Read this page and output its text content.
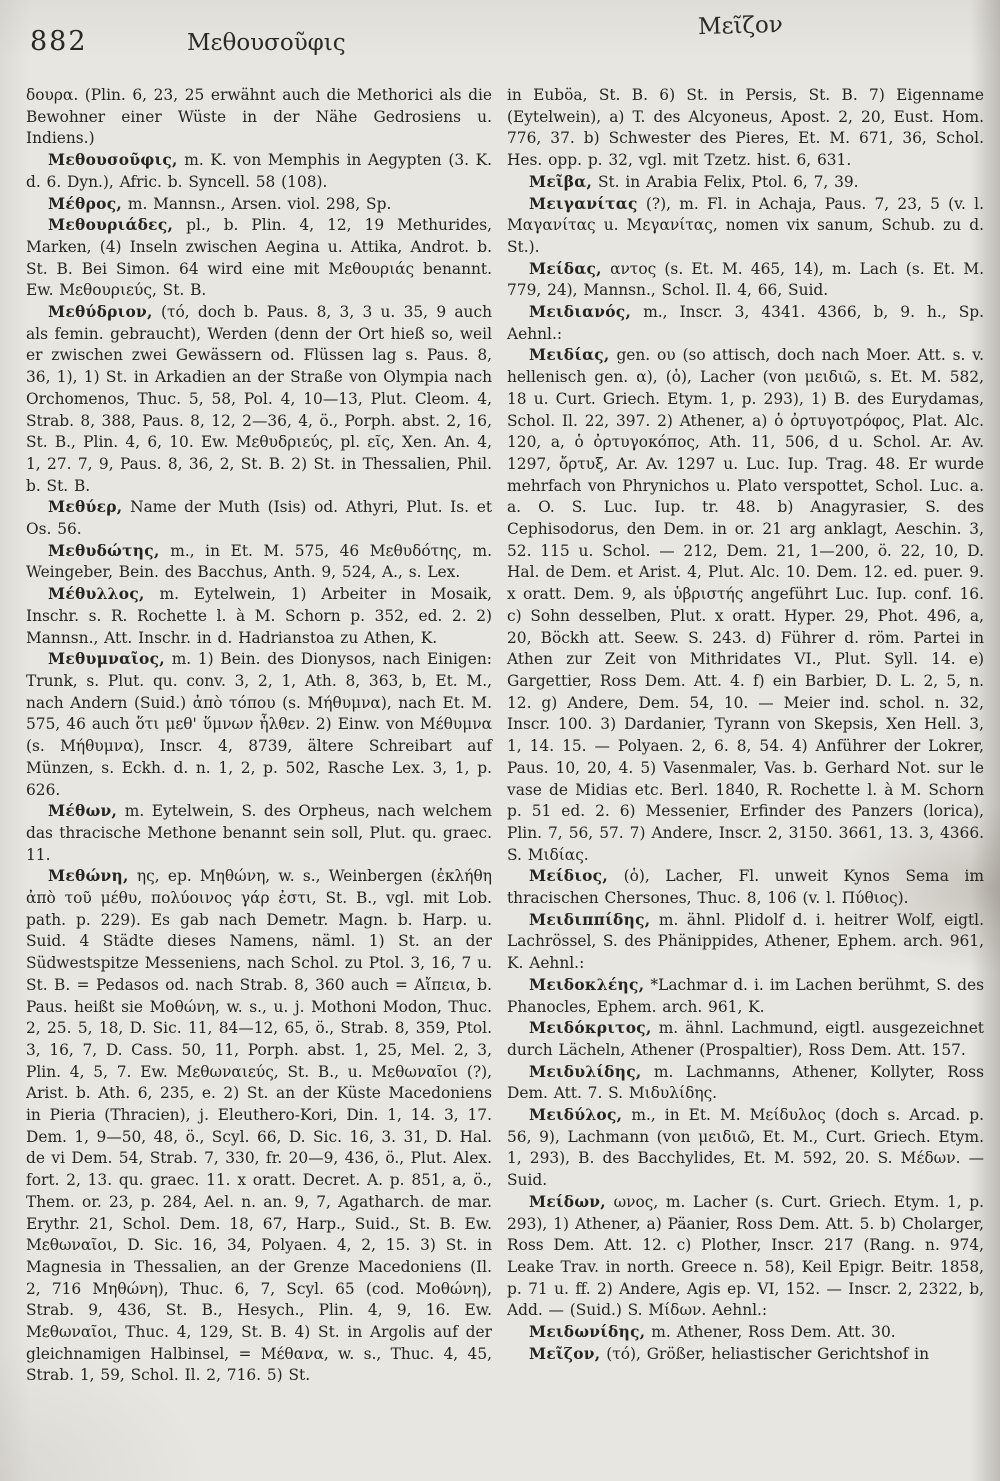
882	Μεθουσοῦφις
Μεῖζον

δουρα. (Plin. 6, 23, 25 erwähnt auch die Methorici als die Bewohner einer Wüste in der Nähe Gedrosiens u. Indiens.)

Μεθουσοῦφις, m. K. von Memphis in Aegypten (3. K. d. 6. Dyn.), Afric. b. Syncell. 58 (108).

Μέθρος, m. Mannsn., Arsen. viol. 298, Sp.

Μεθουριάδες, pl., b. Plin. 4, 12, 19 Methurides, Marken, (4) Inseln zwischen Aegina u. Attika, Androt. b. St. B. Bei Simon. 64 wird eine mit Μεθουριάς benannt. Ew. Μεθουριεύς, St. B.

Μεθύδριον, (τό, doch b. Paus. 8, 3, 3 u. 35, 9 auch als femin. gebraucht), Werden (denn der Ort hieß so, weil er zwischen zwei Gewässern od. Flüssen lag s. Paus. 8, 36, 1), 1) St. in Arkadien an der Straße von Olympia nach Orchomenos, Thuc. 5, 58, Pol. 4, 10—13, Plut. Cleom. 4, Strab. 8, 388, Paus. 8, 12, 2—36, 4, ö., Porph. abst. 2, 16, St. B., Plin. 4, 6, 10. Ew. Μεθυδριεύς, pl. εῖς, Xen. An. 4, 1, 27. 7, 9, Paus. 8, 36, 2, St. B. 2) St. in Thessalien, Phil. b. St. B.

Μεθύερ, Name der Muth (Isis) od. Athyri, Plut. Is. et Os. 56.

Μεθυδώτης, m., in Et. M. 575, 46 Μεθυδότης, m. Weingeber, Bein. des Bacchus, Anth. 9, 524, A., s. Lex.

Μέθυλλος, m. Eytelwein, 1) Arbeiter in Mosaik, Inschr. s. R. Rochette l. à M. Schorn p. 352, ed. 2. 2) Mannsn., Att. Inschr. in d. Hadrianstoa zu Athen, K.

Μεθυμναῖος, m. 1) Bein. des Dionysos, nach Einigen: Trunk, s. Plut. qu. conv. 3, 2, 1, Ath. 8, 363, b, Et. M., nach Andern (Suid.) ἀπὸ τόπου (s. Μήθυμνα), nach Et. M. 575, 46 auch ὅτι μεθ' ὕμνων ἦλθεν. 2) Einw. von Μέθυμνα (s. Μήθυμνα), Inscr. 4, 8739, ältere Schreibart auf Münzen, s. Eckh. d. n. 1, 2, p. 502, Rasche Lex. 3, 1, p. 626.

Μέθων, m. Eytelwein, S. des Orpheus, nach welchem das thracische Methone benannt sein soll, Plut. qu. graec. 11.

Μεθώνη, ης, ep. Μηθώνη, w. s., Weinbergen (ἐκλήθη ἀπὸ τοῦ μέθυ, πολύοινος γάρ ἐστι, St. B., vgl. mit Lob. path. p. 229). Es gab nach Demetr. Magn. b. Harp. u. Suid. 4 Städte dieses Namens, näml. 1) St. an der Südwestspitze Messeniens, nach Schol. zu Ptol. 3, 16, 7 u. St. B. = Pedasos od. nach Strab. 8, 360 auch = Αἴπεια, b. Paus. heißt sie Μοθώνη, w. s., u. j. Mothoni Modon, Thuc. 2, 25. 5, 18, D. Sic. 11, 84—12, 65, ö., Strab. 8, 359, Ptol. 3, 16, 7, D. Cass. 50, 11, Porph. abst. 1, 25, Mel. 2, 3, Plin. 4, 5, 7. Ew. Μεθωναιεύς, St. B., u. Μεθωναῖοι (?), Arist. b. Ath. 6, 235, e. 2) St. an der Küste Macedoniens in Pieria (Thracien), j. Eleuthero-Kori, Din. 1, 14. 3, 17. Dem. 1, 9—50, 48, ö., Scyl. 66, D. Sic. 16, 3. 31, D. Hal. de vi Dem. 54, Strab. 7, 330, fr. 20—9, 436, ö., Plut. Alex. fort. 2, 13. qu. graec. 11. x oratt. Decret. A. p. 851, a, ö., Them. or. 23, p. 284, Ael. n. an. 9, 7, Agatharch. de mar. Erythr. 21, Schol. Dem. 18, 67, Harp., Suid., St. B. Ew. Μεθωναῖοι, D. Sic. 16, 34, Polyaen. 4, 2, 15. 3) St. in Magnesia in Thessalien, an der Grenze Macedoniens (Il. 2, 716 Μηθώνη), Thuc. 6, 7, Scyl. 65 (cod. Μοθώνη), Strab. 9, 436, St. B., Hesych., Plin. 4, 9, 16. Ew. Μεθωναῖοι, Thuc. 4, 129, St. B. 4) St. in Argolis auf der gleichnamigen Halbinsel, = Μέθανα, w. s., Thuc. 4, 45, Strab. 1, 59, Schol. Il. 2, 716. 5) St.

in Euböa, St. B. 6) St. in Persis, St. B. 7) Eigenname (Eytelwein), a) T. des Alcyoneus, Apost. 2, 20, Eust. Hom. 776, 37. b) Schwester des Pieres, Et. M. 671, 36, Schol. Hes. opp. p. 32, vgl. mit Tzetz. hist. 6, 631.

Μεῖβα, St. in Arabia Felix, Ptol. 6, 7, 39.

Μειγανίτας (?), m. Fl. in Achaja, Paus. 7, 23, 5 (v. l. Μαγανίτας u. Μεγανίτας, nomen vix sanum, Schub. zu d. St.).

Μείδας, αντος (s. Et. M. 465, 14), m. Lach (s. Et. M. 779, 24), Mannsn., Schol. Il. 4, 66, Suid.

Μειδιανός, m., Inscr. 3, 4341. 4366, b, 9. h., Sp. Aehnl.:

Μειδίας, gen. ου (so attisch, doch nach Moer. Att. s. v. hellenisch gen. α), (ὁ), Lacher (von μειδιῶ, s. Et. M. 582, 18 u. Curt. Griech. Etym. 1, p. 293), 1) B. des Eurydamas, Schol. Il. 22, 397. 2) Athener, a) ὁ ὀρτυγοτρόφος, Plat. Alc. 120, a, ὁ ὀρτυγοκόπος, Ath. 11, 506, d u. Schol. Ar. Av. 1297, ὄρτυξ, Ar. Av. 1297 u. Luc. Iup. Trag. 48. Er wurde mehrfach von Phrynichos u. Plato verspottet, Schol. Luc. a. a. O. S. Luc. Iup. tr. 48. b) Anagyrasier, S. des Cephisodorus, den Dem. in or. 21 arg anklagt, Aeschin. 3, 52. 115 u. Schol. — 212, Dem. 21, 1—200, ö. 22, 10, D. Hal. de Dem. et Arist. 4, Plut. Alc. 10. Dem. 12. ed. puer. 9. x oratt. Dem. 9, als ὑβριστής angeführt Luc. Iup. conf. 16. c) Sohn desselben, Plut. x oratt. Hyper. 29, Phot. 496, a, 20, Böckh att. Seew. S. 243. d) Führer d. röm. Partei in Athen zur Zeit von Mithridates VI., Plut. Syll. 14. e) Gargettier, Ross Dem. Att. 4. f) ein Barbier, D. L. 2, 5, n. 12. g) Andere, Dem. 54, 10. — Meier ind. schol. n. 32, Inscr. 100. 3) Dardanier, Tyrann von Skepsis, Xen Hell. 3, 1, 14. 15. — Polyaen. 2, 6. 8, 54. 4) Anführer der Lokrer, Paus. 10, 20, 4. 5) Vasenmaler, Vas. b. Gerhard Not. sur le vase de Midias etc. Berl. 1840, R. Rochette l. à M. Schorn p. 51 ed. 2. 6) Messenier, Erfinder des Panzers (lorica), Plin. 7, 56, 57. 7) Andere, Inscr. 2, 3150. 3661, 13. 3, 4366. S. Μιδίας.

Μείδιος, (ὁ), Lacher, Fl. unweit Kynos Sema im thracischen Chersones, Thuc. 8, 106 (v. l. Πύθιος).

Μειδιππίδης, m. ähnl. Plidolf d. i. heitrer Wolf, eigtl. Lachrössel, S. des Phänippides, Athener, Ephem. arch. 961, K. Aehnl.:

Μειδοκλέης, *Lachmar d. i. im Lachen berühmt, S. des Phanocles, Ephem. arch. 961, K.

Μειδόκριτος, m. ähnl. Lachmund, eigtl. ausgezeichnet durch Lächeln, Athener (Prospaltier), Ross Dem. Att. 157.

Μειδυλίδης, m. Lachmanns, Athener, Kollyter, Ross Dem. Att. 7. S. Μιδυλίδης.

Μειδύλος, m., in Et. M. Μείδυλος (doch s. Arcad. p. 56, 9), Lachmann (von μειδιῶ, Et. M., Curt. Griech. Etym. 1, 293), B. des Bacchylides, Et. M. 592, 20. S. Μέδων. — Suid.

Μείδων, ωνος, m. Lacher (s. Curt. Griech. Etym. 1, p. 293), 1) Athener, a) Päanier, Ross Dem. Att. 5. b) Cholarger, Ross Dem. Att. 12. c) Plother, Inscr. 217 (Rang. n. 974, Leake Trav. in north. Greece n. 58), Keil Epigr. Beitr. 1858, p. 71 u. ff. 2) Andere, Agis ep. VI, 152. — Inscr. 2, 2322, b, Add. — (Suid.) S. Μίδων. Aehnl.:

Μειδωνίδης, m. Athener, Ross Dem. Att. 30.

Μεῖζον, (τό), Größer, heliastischer Gerichtshof in
